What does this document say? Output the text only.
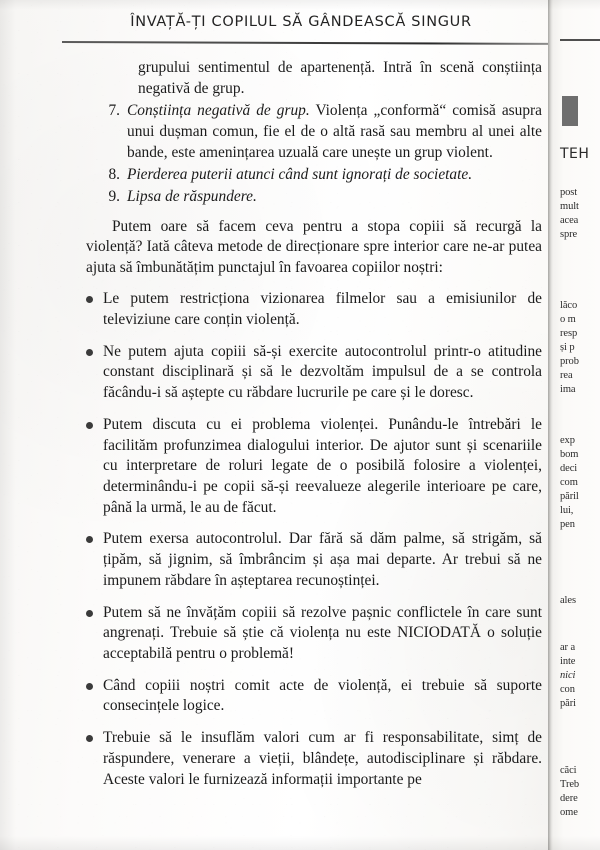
ÎNVAȚĂ-ȚI COPILUL SĂ GÂNDEASCĂ SINGUR

grupului sentimentul de apartenență. Intră în scenă conștiința negativă de grup.

7. Conștiința negativă de grup. Violența „conformă“ comisă asupra unui dușman comun, fie el de o altă rasă sau membru al unei alte bande, este amenințarea uzuală care unește un grup violent.
8. Pierderea puterii atunci când sunt ignorați de societate.
9. Lipsa de răspundere.

Putem oare să facem ceva pentru a stopa copiii să recurgă la violență? Iată câteva metode de direcționare spre interior care ne-ar putea ajuta să îmbunătățim punctajul în favoarea copiilor noștri:

Le putem restricționa vizionarea filmelor sau a emisiunilor de televiziune care conțin violență.
Ne putem ajuta copiii să-și exercite autocontrolul printr-o atitudine constant disciplinară și să le dezvoltăm impulsul de a se controla făcându-i să aștepte cu răbdare lucrurile pe care și le doresc.
Putem discuta cu ei problema violenței. Punându-le întrebări le facilităm profunzimea dialogului interior. De ajutor sunt și scenariile cu interpretare de roluri legate de o posibilă folosire a violenței, determinându-i pe copii să-și reevalueze alegerile interioare pe care, până la urmă, le au de făcut.
Putem exersa autocontrolul. Dar fără să dăm palme, să strigăm, să țipăm, să jignim, să îmbrâncim și așa mai departe. Ar trebui să ne impunem răbdare în așteptarea recunoștinței.
Putem să ne învățăm copiii să rezolve pașnic conflictele în care sunt angrenați. Trebuie să știe că violența nu este NICIODATĂ o soluție acceptabilă pentru o problemă!
Când copiii noștri comit acte de violență, ei trebuie să suporte consecințele logice.
Trebuie să le insuflăm valori cum ar fi responsabilitate, simț de răspundere, venerare a vieții, blândețe, autodisciplinare și răbdare. Aceste valori le furnizează informații importante pe
TEH
post
mult
acea
spre
lăco
o m
resp
și p
prob
rea
ima
exp
bom
deci
com
păril
lui,
pen
ales
ar a
inte
nici
con
pări
căci
Treb
dere
ome
